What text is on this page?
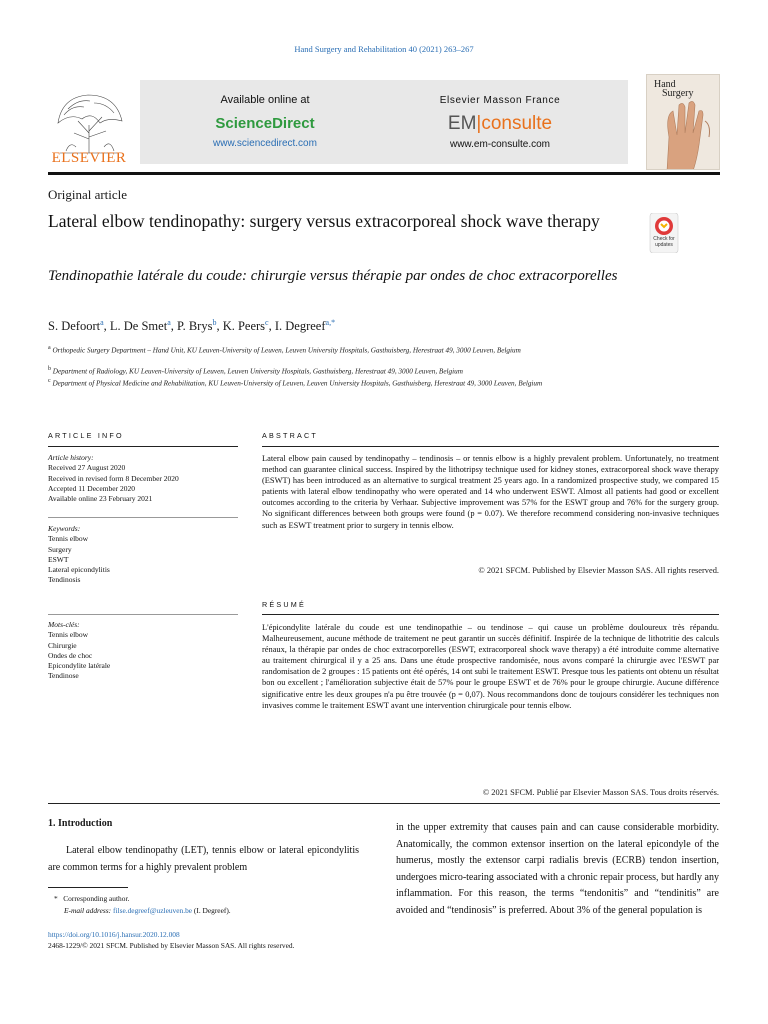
Hand Surgery and Rehabilitation 40 (2021) 263–267
ELSEVIER
Available online at
ScienceDirect
www.sciencedirect.com
Elsevier Masson France
EM|consulte
www.em-consulte.com
Hand
Surgery
Original article
Lateral elbow tendinopathy: surgery versus extracorporeal shock wave therapy
Check for updates
Tendinopathie latérale du coude: chirurgie versus thérapie par ondes de choc extracorporelles
S. Defoort$^a$, L. De Smet$^a$, P. Brys$^b$, K. Peers$^c$, I. Degreef$^{a,*}$
$^a$ Orthopedic Surgery Department – Hand Unit, KU Leuven-University of Leuven, Leuven University Hospitals, Gasthuisberg, Herestraat 49, 3000 Leuven, Belgium
$^b$ Department of Radiology, KU Leuven-University of Leuven, Leuven University Hospitals, Gasthuisberg, Herestraat 49, 3000 Leuven, Belgium
$^c$ Department of Physical Medicine and Rehabilitation, KU Leuven-University of Leuven, Leuven University Hospitals, Gasthuisberg, Herestraat 49, 3000 Leuven, Belgium
ARTICLE INFO
Article history:
Received 27 August 2020
Received in revised form 8 December 2020
Accepted 11 December 2020
Available online 23 February 2021
Keywords:
Tennis elbow
Surgery
ESWT
Lateral epicondylitis
Tendinosis
Mots-clés:
Tennis elbow
Chirurgie
Ondes de choc
Epicondylite latérale
Tendinose
ABSTRACT
Lateral elbow pain caused by tendinopathy – tendinosis – or tennis elbow is a highly prevalent problem. Unfortunately, no treatment method can guarantee clinical success. Inspired by the lithotripsy technique used for kidney stones, extracorporeal shock wave therapy (ESWT) has been introduced as an alternative to surgical treatment 25 years ago. In a randomized prospective study, we compared 15 patients with lateral elbow tendinopathy who were operated and 14 who underwent ESWT. Almost all patients had good or excellent outcomes according to the criteria by Verhaar. Subjective improvement was 57% for the ESWT group and 76% for the surgery group. No significant differences between both groups were found (p = 0.07). We therefore recommend considering non-invasive techniques such as ESWT treatment prior to surgery in tennis elbow.
© 2021 SFCM. Published by Elsevier Masson SAS. All rights reserved.
RÉSUMÉ
L'épicondylite latérale du coude est une tendinopathie – ou tendinose – qui cause un problème douloureux très répandu. Malheureusement, aucune méthode de traitement ne peut garantir un succès définitif. Inspirée de la technique de lithotritie des calculs rénaux, la thérapie par ondes de choc extracorporelles (ESWT, extracorporeal shock wave therapy) a été introduite comme alternative au traitement chirurgical il y a 25 ans. Dans une étude prospective randomisée, nous avons comparé la chirurgie avec l'ESWT par randomisation de 2 groupes : 15 patients ont été opérés, 14 ont subi le traitement ESWT. Presque tous les patients ont obtenu un résultat bon ou excellent ; l'amélioration subjective était de 57% pour le groupe ESWT et de 76% pour le groupe chirurgie. Aucune différence significative entre les deux groupes n'a pu être trouvée (p = 0,07). Nous recommandons donc de toujours considérer les techniques non invasives comme le traitement ESWT avant une intervention chirurgicale pour tennis elbow.
© 2021 SFCM. Publié par Elsevier Masson SAS. Tous droits réservés.
1. Introduction
Lateral elbow tendinopathy (LET), tennis elbow or lateral epicondylitis are common terms for a highly prevalent problem
in the upper extremity that causes pain and can cause considerable morbidity. Anatomically, the common extensor insertion on the lateral epicondyle of the humerus, mostly the extensor carpi radialis brevis (ECRB) tendon insertion, undergoes micro-tearing associated with a chronic repair process, but hardly any inflammation. For this reason, the terms “tendonitis” and “tendinitis” are avoided and “tendinosis” is preferred. About 3% of the general population is
* Corresponding author.
E-mail address: filse.degreef@uzleuven.be (I. Degreef).
https://doi.org/10.1016/j.hansur.2020.12.008
2468-1229/© 2021 SFCM. Published by Elsevier Masson SAS. All rights reserved.
